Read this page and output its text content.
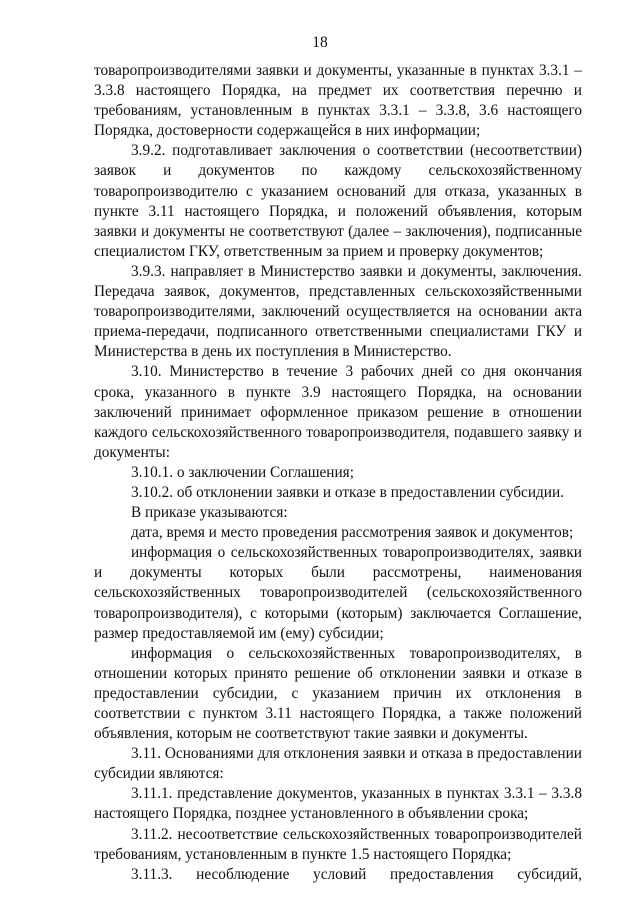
18

товаропроизводителями заявки и документы, указанные в пунктах 3.3.1 – 3.3.8 настоящего Порядка, на предмет их соответствия перечню и требованиям, установленным в пунктах 3.3.1 – 3.3.8, 3.6 настоящего Порядка, достоверности содержащейся в них информации;

3.9.2. подготавливает заключения о соответствии (несоответствии) заявок и документов по каждому сельскохозяйственному товаропроизводителю с указанием оснований для отказа, указанных в пункте 3.11 настоящего Порядка, и положений объявления, которым заявки и документы не соответствуют (далее – заключения), подписанные специалистом ГКУ, ответственным за прием и проверку документов;

3.9.3. направляет в Министерство заявки и документы, заключения. Передача заявок, документов, представленных сельскохозяйственными товаропроизводителями, заключений осуществляется на основании акта приема-передачи, подписанного ответственными специалистами ГКУ и Министерства в день их поступления в Министерство.

3.10. Министерство в течение 3 рабочих дней со дня окончания срока, указанного в пункте 3.9 настоящего Порядка, на основании заключений принимает оформленное приказом решение в отношении каждого сельскохозяйственного товаропроизводителя, подавшего заявку и документы:

3.10.1. о заключении Соглашения;

3.10.2. об отклонении заявки и отказе в предоставлении субсидии.

В приказе указываются:

дата, время и место проведения рассмотрения заявок и документов;

информация о сельскохозяйственных товаропроизводителях, заявки и документы которых были рассмотрены, наименования сельскохозяйственных товаропроизводителей (сельскохозяйственного товаропроизводителя), с которыми (которым) заключается Соглашение, размер предоставляемой им (ему) субсидии;

информация о сельскохозяйственных товаропроизводителях, в отношении которых принято решение об отклонении заявки и отказе в предоставлении субсидии, с указанием причин их отклонения в соответствии с пунктом 3.11 настоящего Порядка, а также положений объявления, которым не соответствуют такие заявки и документы.

3.11. Основаниями для отклонения заявки и отказа в предоставлении субсидии являются:

3.11.1. представление документов, указанных в пунктах 3.3.1 – 3.3.8 настоящего Порядка, позднее установленного в объявлении срока;

3.11.2. несоответствие сельскохозяйственных товаропроизводителей требованиям, установленным в пункте 1.5 настоящего Порядка;

3.11.3. несоблюдение условий предоставления субсидий,
